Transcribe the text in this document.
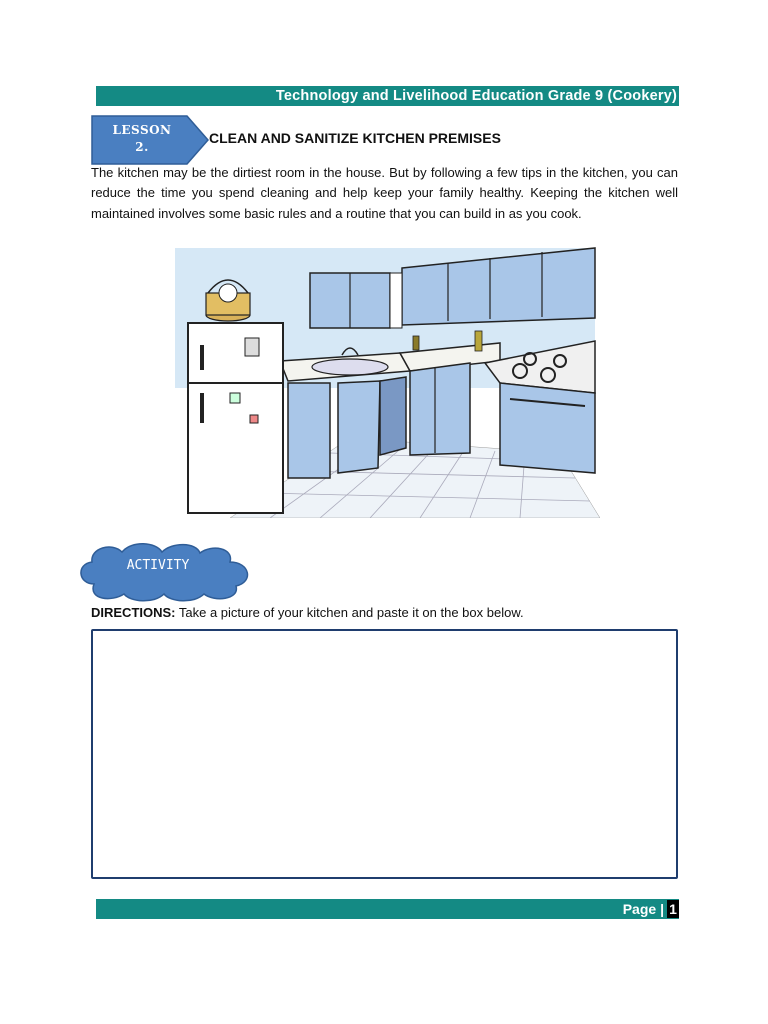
Technology and Livelihood Education Grade 9 (Cookery)
LESSON
2.
CLEAN AND SANITIZE KITCHEN PREMISES
The kitchen may be the dirtiest room in the house. But by following a few tips in the kitchen, you can reduce the time you spend cleaning and help keep your family healthy. Keeping the kitchen well maintained involves some basic rules and a routine that you can build in as you cook.
ACTIVITY
DIRECTIONS: Take a picture of your kitchen and paste it on the box below.
Page | 1
